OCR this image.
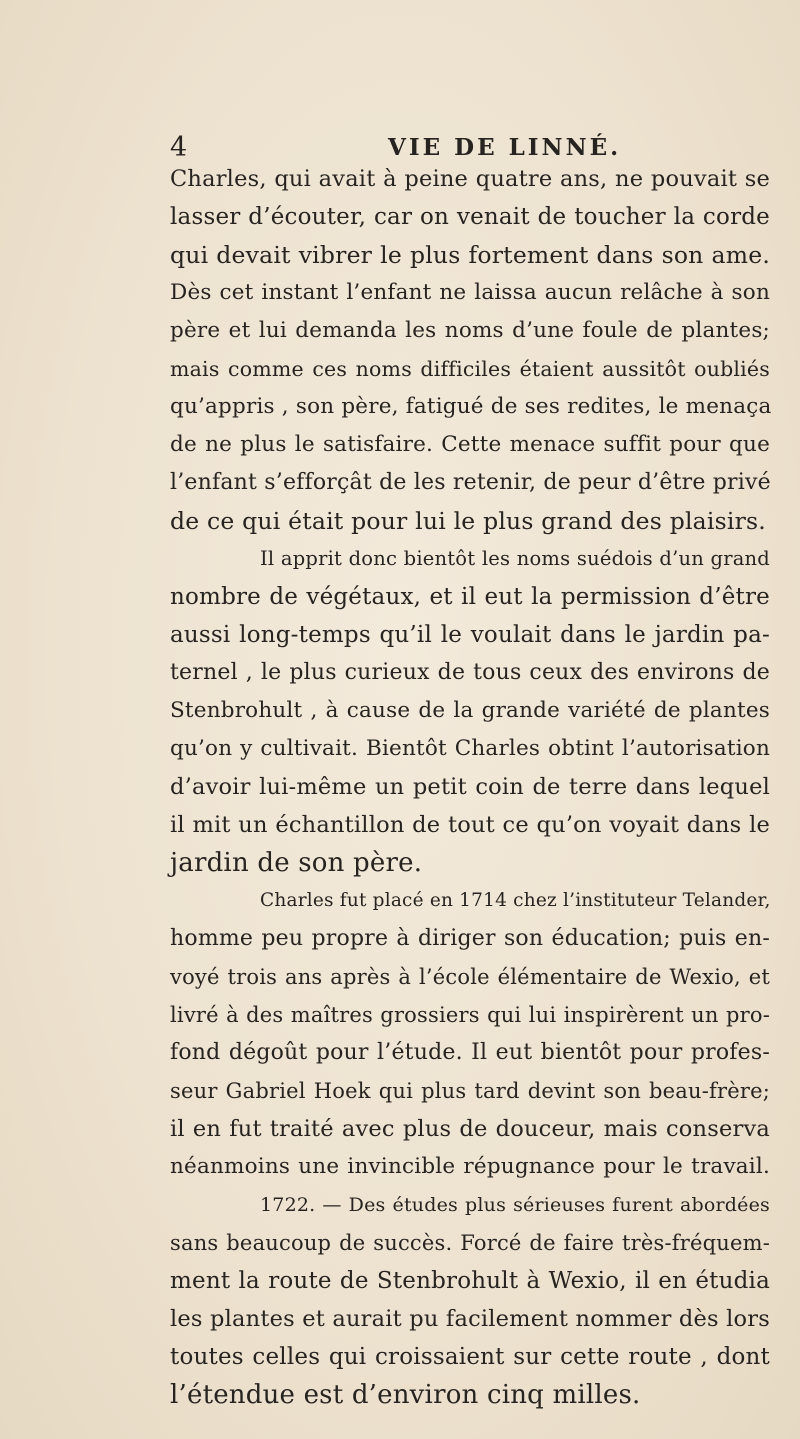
4	VIE DE LINNÉ.
Charles, qui avait à peine quatre ans, ne pouvait se
lasser d’écouter, car on venait de toucher la corde
qui devait vibrer le plus fortement dans son ame.
Dès cet instant l’enfant ne laissa aucun relâche à son
père et lui demanda les noms d’une foule de plantes;
mais comme ces noms difficiles étaient aussitôt oubliés
qu’appris , son père, fatigué de ses redites, le menaça
de ne plus le satisfaire. Cette menace suffit pour que
l’enfant s’efforçât de les retenir, de peur d’être privé
de ce qui était pour lui le plus grand des plaisirs.
Il apprit donc bientôt les noms suédois d’un grand
nombre de végétaux, et il eut la permission d’être
aussi long-temps qu’il le voulait dans le jardin pa-
ternel , le plus curieux de tous ceux des environs de
Stenbrohult , à cause de la grande variété de plantes
qu’on y cultivait. Bientôt Charles obtint l’autorisation
d’avoir lui-même un petit coin de terre dans lequel
il mit un échantillon de tout ce qu’on voyait dans le
jardin de son père.
Charles fut placé en 1714 chez l’instituteur Telander,
homme peu propre à diriger son éducation; puis en-
voyé trois ans après à l’école élémentaire de Wexio, et
livré à des maîtres grossiers qui lui inspirèrent un pro-
fond dégoût pour l’étude. Il eut bientôt pour profes-
seur Gabriel Hoek qui plus tard devint son beau-frère;
il en fut traité avec plus de douceur, mais conserva
néanmoins une invincible répugnance pour le travail.
1722. — Des études plus sérieuses furent abordées
sans beaucoup de succès. Forcé de faire très-fréquem-
ment la route de Stenbrohult à Wexio, il en étudia
les plantes et aurait pu facilement nommer dès lors
toutes celles qui croissaient sur cette route , dont
l’étendue est d’environ cinq milles.
